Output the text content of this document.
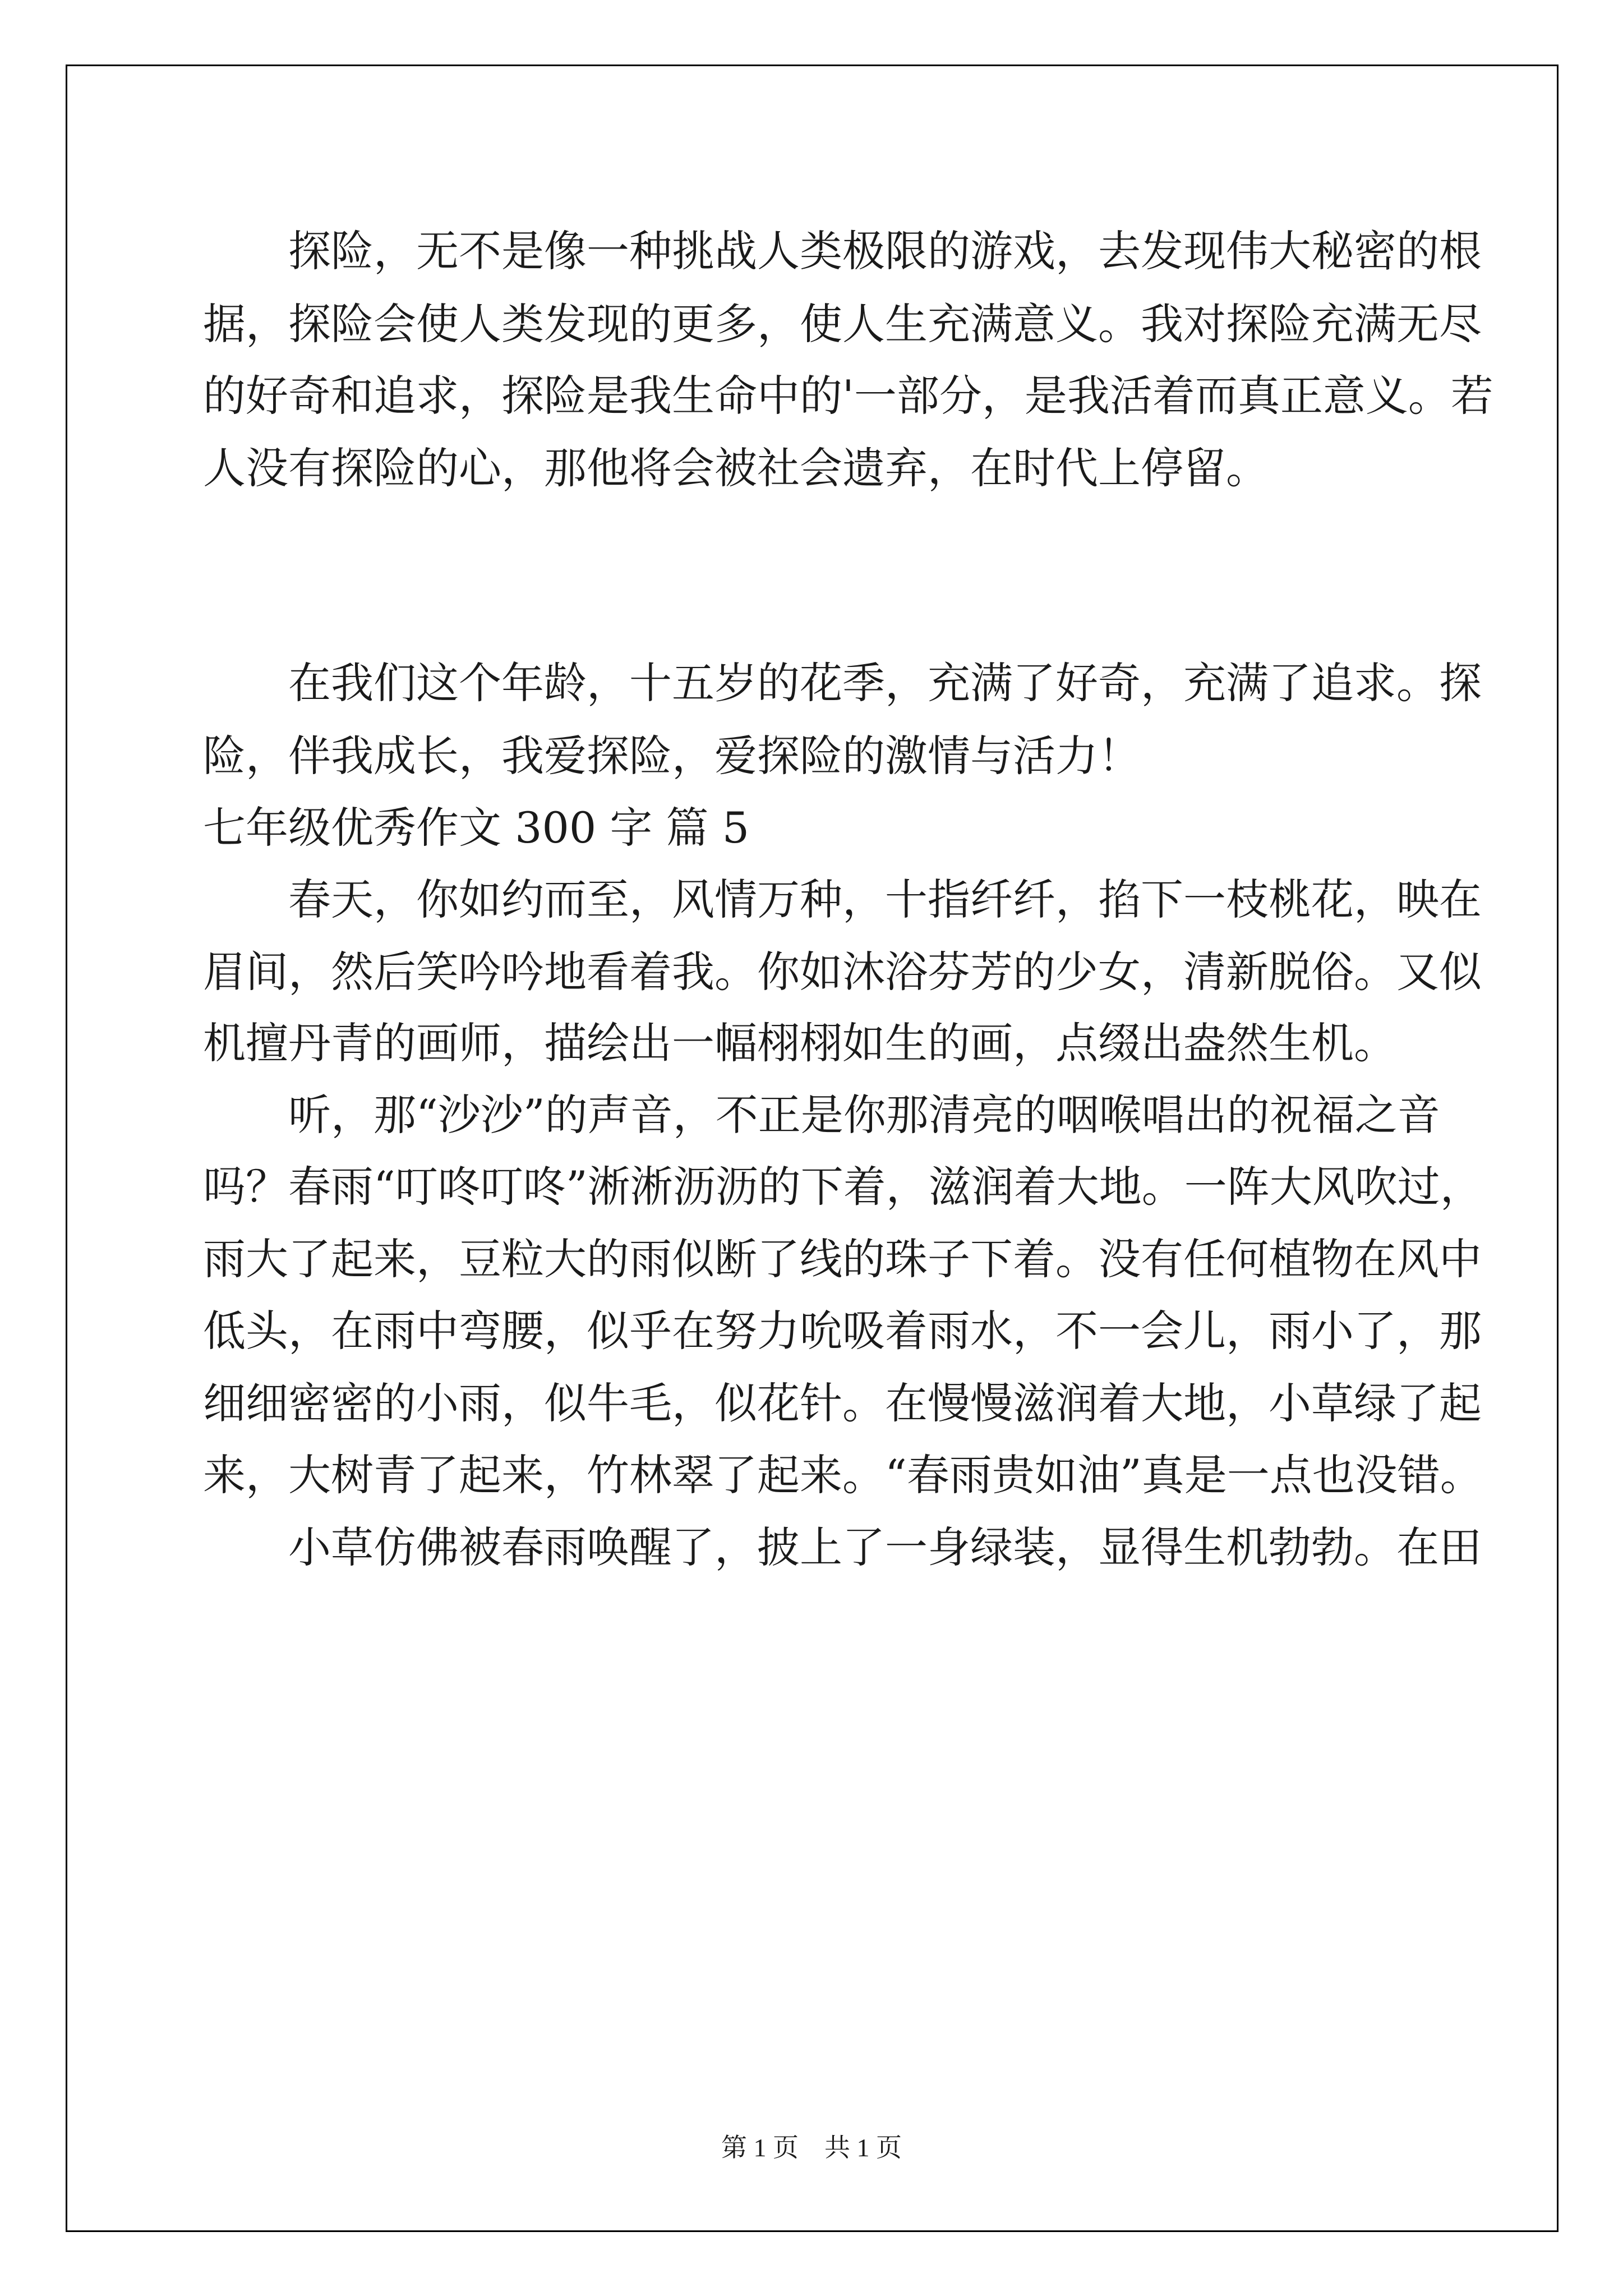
　　探险，无不是像一种挑战人类极限的游戏，去发现伟大秘密的根

据，探险会使人类发现的更多，使人生充满意义。我对探险充满无尽

的好奇和追求，探险是我生命中的'一部分，是我活着而真正意义。若

人没有探险的心，那他将会被社会遗弃，在时代上停留。

　　在我们这个年龄，十五岁的花季，充满了好奇，充满了追求。探

险，伴我成长，我爱探险，爱探险的激情与活力！

七年级优秀作文 300 字 篇 5

　　春天，你如约而至，风情万种，十指纤纤，掐下一枝桃花，映在

眉间，然后笑吟吟地看着我。你如沐浴芬芳的少女，清新脱俗。又似

机擅丹青的画师，描绘出一幅栩栩如生的画，点缀出盎然生机。

　　听，那“沙沙”的声音，不正是你那清亮的咽喉唱出的祝福之音

吗？春雨“叮咚叮咚”淅淅沥沥的下着，滋润着大地。一阵大风吹过，

雨大了起来，豆粒大的雨似断了线的珠子下着。没有任何植物在风中

低头，在雨中弯腰，似乎在努力吮吸着雨水，不一会儿，雨小了，那

细细密密的小雨，似牛毛，似花针。在慢慢滋润着大地，小草绿了起

来，大树青了起来，竹林翠了起来。“春雨贵如油”真是一点也没错。

　　小草仿佛被春雨唤醒了，披上了一身绿装，显得生机勃勃。在田

第 1 页　共 1 页
